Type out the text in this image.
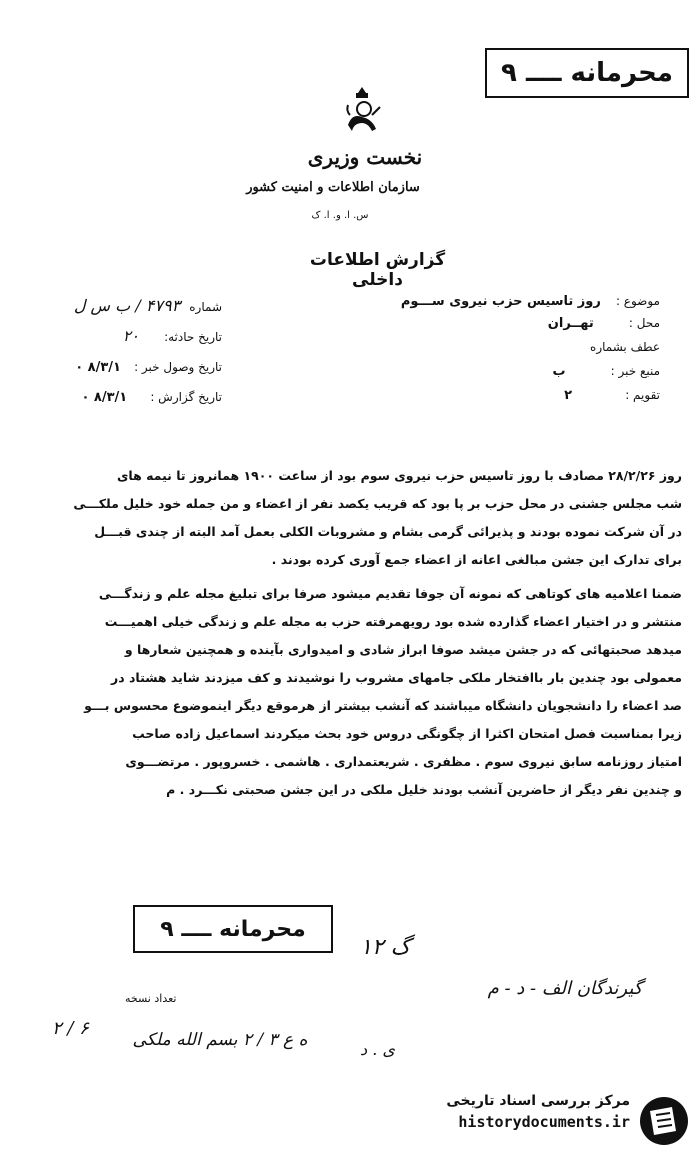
محرمانه ــــ ۹
نخست وزیری
سازمان اطلاعات و امنیت کشور
س. ا. و. ا. ک
گزارش اطلاعات داخلی
موضوع : روز تاسیس حزب نیروی ســـوم
محل : تهــران
عطف بشماره
منبع خبر : ب
تقویم : ۲
شماره ۴۷۹۳ / ب س ل
تاریخ حادثه: ۲۰
تاریخ وصول خبر : ۸/۳/۱ ۰
تاریخ گزارش : ۸/۳/۱ ۰

روز ۲۸/۲/۲۶ مصادف با روز تاسیس حزب نیروی سوم بود از ساعت ۱۹۰۰ همانروز تا نیمه های

شب مجلس جشنی در محل حزب بر پا بود که قریب یکصد نفر از اعضاء و من جمله خود خلیل ملکـــی

در آن شرکت نموده بودند و پذیرائی گرمی بشام و مشروبات الکلی بعمل آمد البته از چندی قبـــل

برای تدارک این جشن مبالغی اعانه از اعضاء جمع آوری کرده بودند .

ضمنا اعلامیه های کوتاهی که نمونه آن جوفا تقدیم میشود صرفا برای تبلیغ مجله علم و زندگـــی

منتشر و در اختیار اعضاء گذارده شده بود رویهمرفته حزب به مجله علم و زندگی خیلی اهمیـــت

میدهد صحبتهائی که در جشن میشد صوفا ابراز شادی و امیدواری بآینده و همچنین شعارها و

معمولی بود چندین بار باافتخار ملکی جامهای مشروب را نوشیدند و کف میزدند شاید هشتاد در

صد اعضاء را دانشجویان دانشگاه میباشند که آنشب بیشتر از هرموقع دیگر اینموضوع محسوس بـــو

زیرا بمناسبت فصل امتحان اکثرا از چگونگی دروس خود بحث میکردند اسماعیل زاده صاحب

امتیاز روزنامه سابق نیروی سوم . مظفری . شریعتمداری . هاشمی . خسروپور . مرتضـــوی

و چندین نفر دیگر از حاضرین آنشب بودند خلیل ملکی در این جشن صحبتی نکـــرد . م

محرمانه ــــ ۹
گ ۱۲
گیرندگان الف - د - م
تعداد نسخه
ی . د
ه ع ۳ / ۲ بسم الله ملکی
۲ / ۶
مرکز بررسی اسناد تاریخی
historydocuments.ir
